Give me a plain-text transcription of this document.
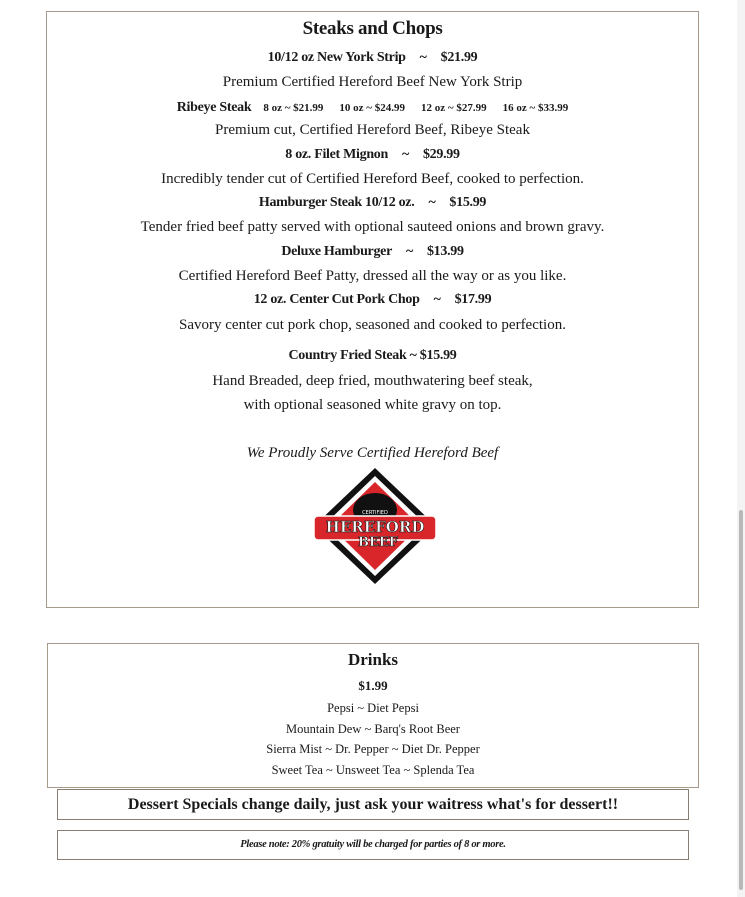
Steaks and Chops
10/12 oz New York Strip ~ $21.99
Premium Certified Hereford Beef New York Strip
Ribeye Steak 8 oz ~ $21.99 10 oz ~ $24.99 12 oz ~ $27.99 16 oz ~ $33.99
Premium cut, Certified Hereford Beef, Ribeye Steak
8 oz. Filet Mignon ~ $29.99
Incredibly tender cut of Certified Hereford Beef, cooked to perfection.
Hamburger Steak 10/12 oz. ~ $15.99
Tender fried beef patty served with optional sauteed onions and brown gravy.
Deluxe Hamburger ~ $13.99
Certified Hereford Beef Patty, dressed all the way or as you like.
12 oz. Center Cut Pork Chop ~ $17.99
Savory center cut pork chop, seasoned and cooked to perfection.
Country Fried Steak ~ $15.99
Hand Breaded, deep fried, mouthwatering beef steak,
with optional seasoned white gravy on top.
We Proudly Serve Certified Hereford Beef
CERTIFIED
HEREFORD
BEEF
Drinks
$1.99
Pepsi ~ Diet Pepsi
Mountain Dew ~ Barq's Root Beer
Sierra Mist ~ Dr. Pepper ~ Diet Dr. Pepper
Sweet Tea ~ Unsweet Tea ~ Splenda Tea
Dessert Specials change daily, just ask your waitress what's for dessert!!
Please note: 20% gratuity will be charged for parties of 8 or more.
